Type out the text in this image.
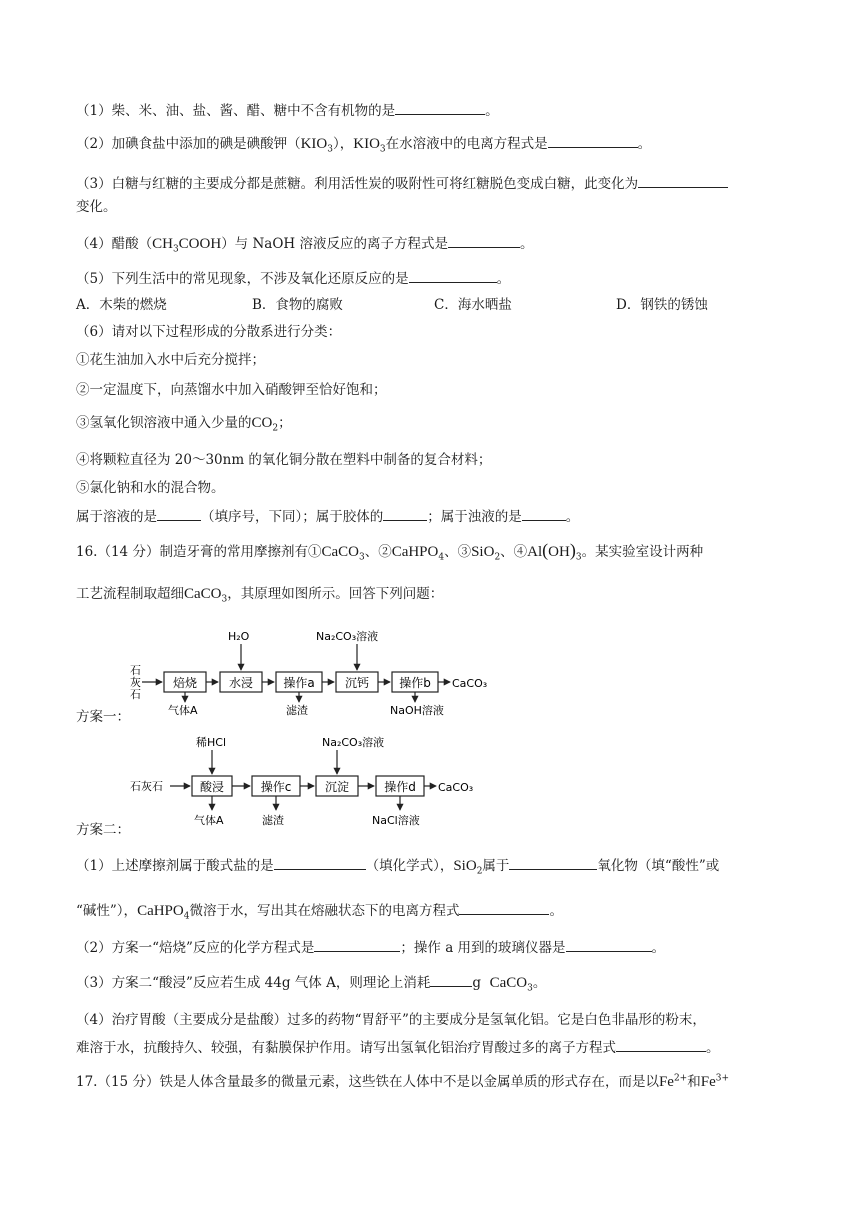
（1）柴、米、油、盐、酱、醋、糖中不含有机物的是	。
（2）加碘食盐中添加的碘是碘酸钾$(KIO_3)$，$KIO_3$在水溶液中的电离方程式是	。
（3）白糖与红糖的主要成分都是蔗糖。利用活性炭的吸附性可将红糖脱色变成白糖，此变化为
变化。
（4）醋酸$(CH_3COOH)$与 NaOH 溶液反应的离子方程式是	。
（5）下列生活中的常见现象，不涉及氧化还原反应的是	。
A．木柴的燃烧	B．食物的腐败	C．海水晒盐	D．钢铁的锈蚀
（6）请对以下过程形成的分散系进行分类：
①花生油加入水中后充分搅拌；
②一定温度下，向蒸馏水中加入硝酸钾至恰好饱和；
③氢氧化钡溶液中通入少量的$CO_2$；
④将颗粒直径为 20～30nm 的氧化铜分散在塑料中制备的复合材料；
⑤氯化钠和水的混合物。
属于溶液的是	（填序号，下同）；属于胶体的	；属于浊液的是	。
16.（14 分）制造牙膏的常用摩擦剂有①CaCO$_3$、②CaHPO$_4$、③SiO$_2$、$④Al(OH)_3$。某实验室设计两种
工艺流程制取超细CaCO$_3$，其原理如图所示。回答下列问题：
石
灰
石
焙烧	水浸	操作a	沉钙	操作b CaCO₃
H₂O	Na₂CO₃溶液
气体A	滤渣	NaOH溶液
方案一：
石灰石	酸浸	操作c	沉淀	操作d CaCO₃
稀HCl	Na₂CO₃溶液
气体A	滤渣	NaCl溶液
方案二：
（1）上述摩擦剂属于酸式盐的是	（填化学式），SiO$_2$属于	氧化物（填“酸性”或
“碱性”），CaHPO$_4$微溶于水，写出其在熔融状态下的电离方程式	。
（2）方案一“焙烧”反应的化学方程式是	；操作 a 用到的玻璃仪器是	。
（3）方案二“酸浸”反应若生成 44g 气体 A，则理论上消耗	g CaCO$_3$。
（4）治疗胃酸（主要成分是盐酸）过多的药物“胃舒平”的主要成分是氢氧化铝。它是白色非晶形的粉末，
难溶于水，抗酸持久、较强，有黏膜保护作用。请写出氢氧化铝治疗胃酸过多的离子方程式	。
17.（15 分）铁是人体含量最多的微量元素，这些铁在人体中不是以金属单质的形式存在，而是以$Fe^{2+}$和$Fe^{3+}$
